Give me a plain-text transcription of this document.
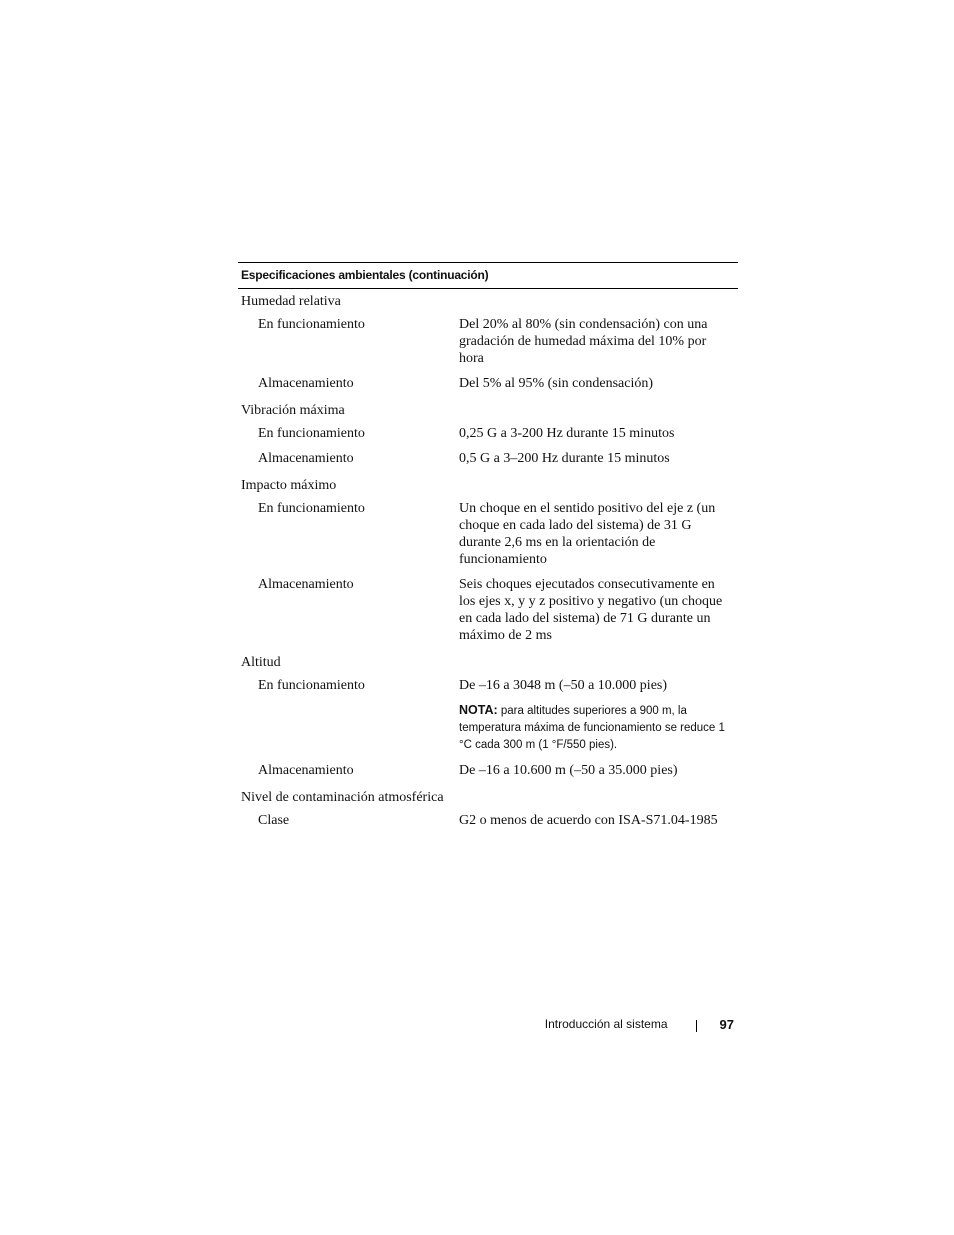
Especificaciones ambientales (continuación)
Humedad relativa
En funcionamiento	Del 20% al 80% (sin condensación) con una gradación de humedad máxima del 10% por hora
Almacenamiento	Del 5% al 95% (sin condensación)
Vibración máxima
En funcionamiento	0,25 G a 3-200 Hz durante 15 minutos
Almacenamiento	0,5 G a 3–200 Hz durante 15 minutos
Impacto máximo
En funcionamiento	Un choque en el sentido positivo del eje z (un choque en cada lado del sistema) de 31 G durante 2,6 ms en la orientación de funcionamiento
Almacenamiento	Seis choques ejecutados consecutivamente en los ejes x, y y z positivo y negativo (un choque en cada lado del sistema) de 71 G durante un máximo de 2 ms
Altitud
En funcionamiento	De –16 a 3048 m (–50 a 10.000 pies)
NOTA: para altitudes superiores a 900 m, la temperatura máxima de funcionamiento se reduce 1 °C cada 300 m (1 °F/550 pies).
Almacenamiento	De –16 a 10.600 m (–50 a 35.000 pies)
Nivel de contaminación atmosférica
Clase	G2 o menos de acuerdo con ISA-S71.04-1985
Introducción al sistema	97
